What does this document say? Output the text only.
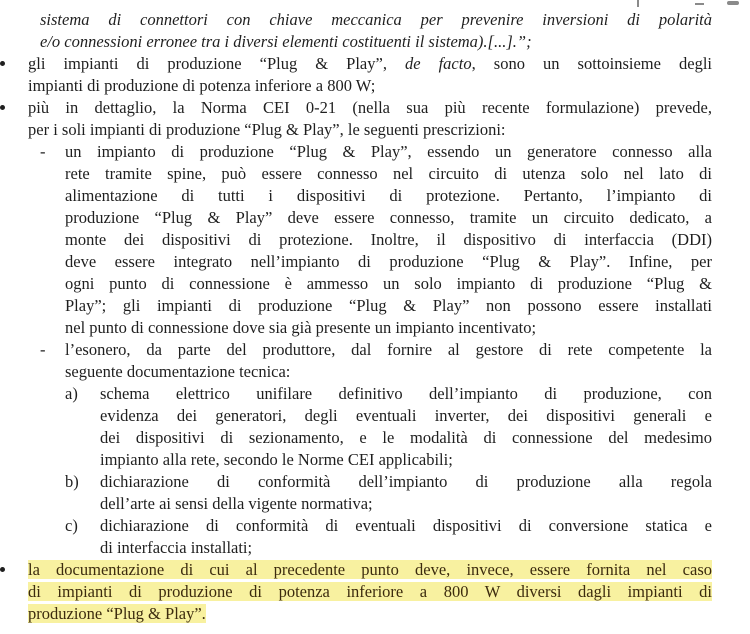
sistema di connettori con chiave meccanica per prevenire inversioni di polarità
e/o connessioni erronee tra i diversi elementi costituenti il sistema).[...].”;
gli impianti di produzione “Plug & Play”, de facto, sono un sottoinsieme degli
impianti di produzione di potenza inferiore a 800 W;
più in dettaglio, la Norma CEI 0-21 (nella sua più recente formulazione) prevede,
per i soli impianti di produzione “Plug & Play”, le seguenti prescrizioni:
- un impianto di produzione “Plug & Play”, essendo un generatore connesso alla
rete tramite spine, può essere connesso nel circuito di utenza solo nel lato di
alimentazione di tutti i dispositivi di protezione. Pertanto, l’impianto di
produzione “Plug & Play” deve essere connesso, tramite un circuito dedicato, a
monte dei dispositivi di protezione. Inoltre, il dispositivo di interfaccia (DDI)
deve essere integrato nell’impianto di produzione “Plug & Play”. Infine, per
ogni punto di connessione è ammesso un solo impianto di produzione “Plug &
Play”; gli impianti di produzione “Plug & Play” non possono essere installati
nel punto di connessione dove sia già presente un impianto incentivato;
- l’esonero, da parte del produttore, dal fornire al gestore di rete competente la
seguente documentazione tecnica:
a) schema elettrico unifilare definitivo dell’impianto di produzione, con
evidenza dei generatori, degli eventuali inverter, dei dispositivi generali e
dei dispositivi di sezionamento, e le modalità di connessione del medesimo
impianto alla rete, secondo le Norme CEI applicabili;
b) dichiarazione di conformità dell’impianto di produzione alla regola
dell’arte ai sensi della vigente normativa;
c) dichiarazione di conformità di eventuali dispositivi di conversione statica e
di interfaccia installati;
la documentazione di cui al precedente punto deve, invece, essere fornita nel caso
di impianti di produzione di potenza inferiore a 800 W diversi dagli impianti di
produzione “Plug & Play”.
